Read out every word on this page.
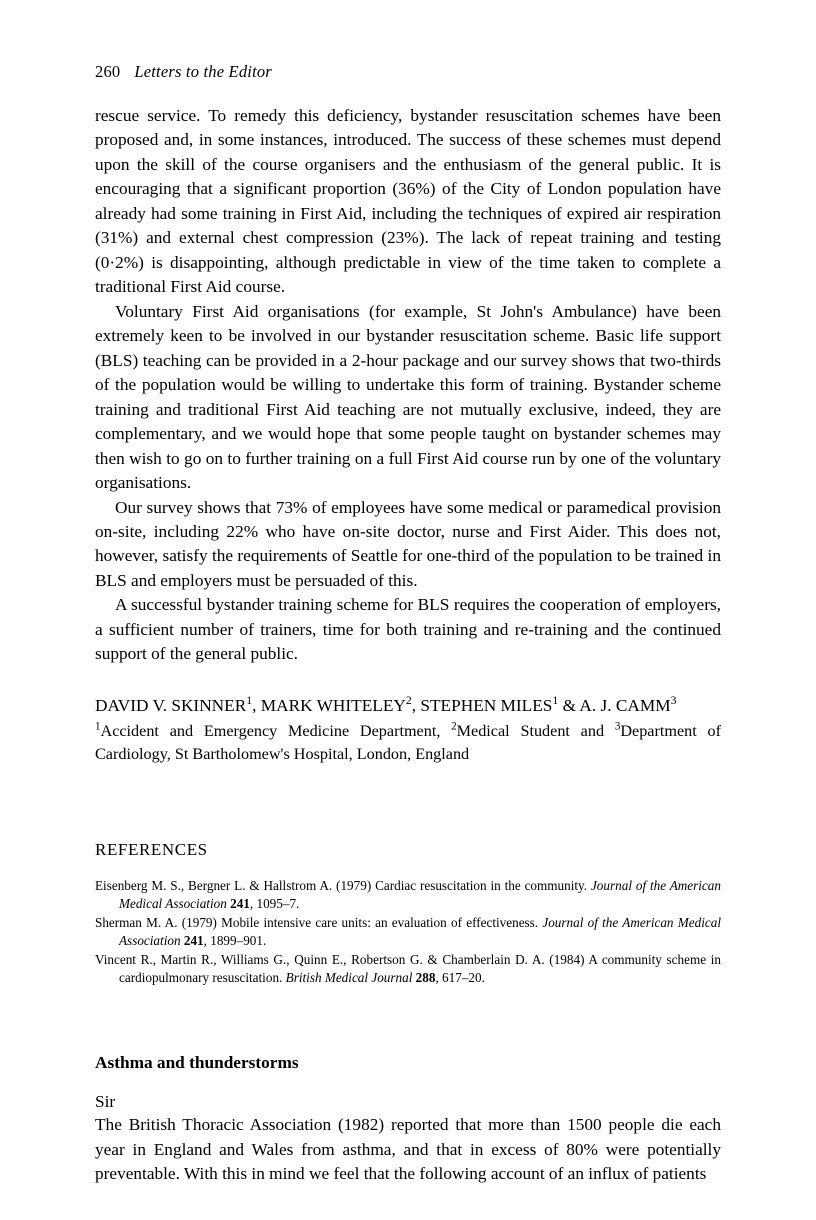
260 Letters to the Editor

rescue service. To remedy this deficiency, bystander resuscitation schemes have been proposed and, in some instances, introduced. The success of these schemes must depend upon the skill of the course organisers and the enthusiasm of the general public. It is encouraging that a significant proportion (36%) of the City of London population have already had some training in First Aid, including the techniques of expired air respiration (31%) and external chest compression (23%). The lack of repeat training and testing (0·2%) is disappointing, although predictable in view of the time taken to complete a traditional First Aid course.

Voluntary First Aid organisations (for example, St John's Ambulance) have been extremely keen to be involved in our bystander resuscitation scheme. Basic life support (BLS) teaching can be provided in a 2-hour package and our survey shows that two-thirds of the population would be willing to undertake this form of training. Bystander scheme training and traditional First Aid teaching are not mutually exclusive, indeed, they are complementary, and we would hope that some people taught on bystander schemes may then wish to go on to further training on a full First Aid course run by one of the voluntary organisations.

Our survey shows that 73% of employees have some medical or paramedical provision on-site, including 22% who have on-site doctor, nurse and First Aider. This does not, however, satisfy the requirements of Seattle for one-third of the population to be trained in BLS and employers must be persuaded of this.

A successful bystander training scheme for BLS requires the cooperation of employers, a sufficient number of trainers, time for both training and re-training and the continued support of the general public.

DAVID V. SKINNER$^1$, MARK WHITELEY$^2$, STEPHEN MILES$^1$ & A. J. CAMM$^3$
$^1$Accident and Emergency Medicine Department, $^2$Medical Student and $^3$Department of Cardiology, St Bartholomew's Hospital, London, England
REFERENCES

Eisenberg M. S., Bergner L. & Hallstrom A. (1979) Cardiac resuscitation in the community. Journal of the American Medical Association 241, 1095–7.

Sherman M. A. (1979) Mobile intensive care units: an evaluation of effectiveness. Journal of the American Medical Association 241, 1899–901.

Vincent R., Martin R., Williams G., Quinn E., Robertson G. & Chamberlain D. A. (1984) A community scheme in cardiopulmonary resuscitation. British Medical Journal 288, 617–20.

Asthma and thunderstorms
Sir

The British Thoracic Association (1982) reported that more than 1500 people die each year in England and Wales from asthma, and that in excess of 80% were potentially preventable. With this in mind we feel that the following account of an influx of patients
